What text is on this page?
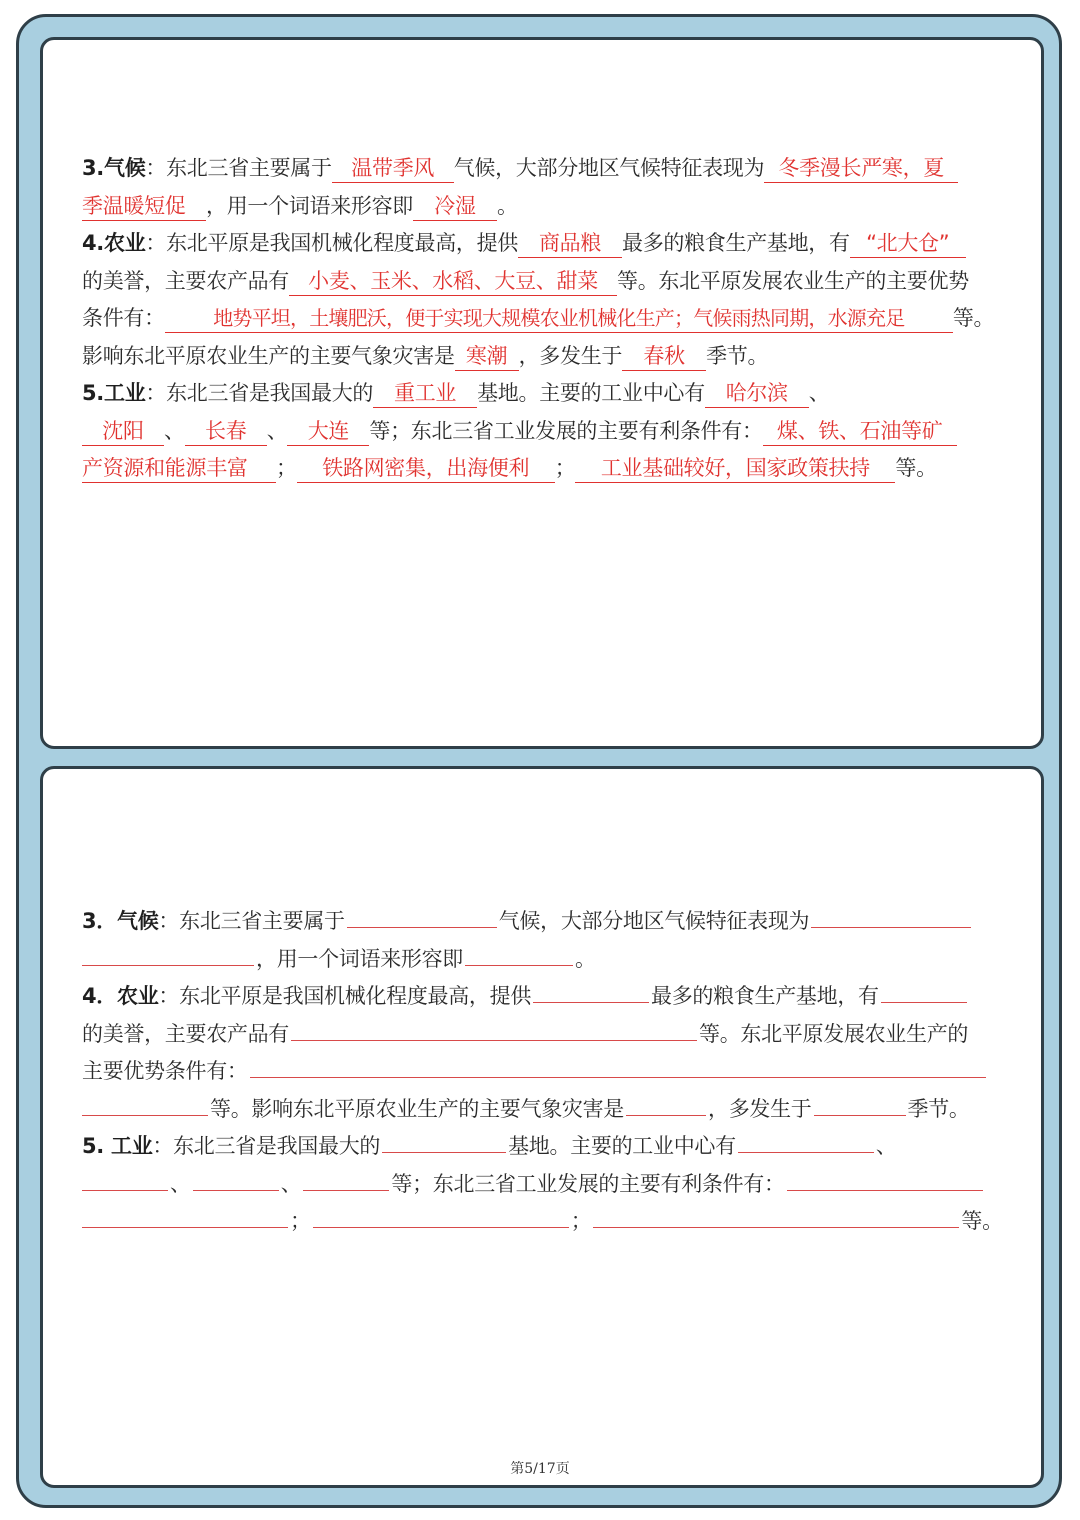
3.气候：东北三省主要属于 温带季风 气候，大部分地区气候特征表现为 冬季漫长严寒，夏

季温暖短促 ，用一个词语来形容即 冷湿 。

4.农业：东北平原是我国机械化程度最高，提供 商品粮 最多的粮食生产基地，有 “北大仓”

的美誉，主要农产品有 小麦、玉米、水稻、大豆、甜菜 等。东北平原发展农业生产的主要优势

条件有： 地势平坦，土壤肥沃，便于实现大规模农业机械化生产；气候雨热同期，水源充足 等。

影响东北平原农业生产的主要气象灾害是 寒潮 ，多发生于 春秋 季节。

5.工业：东北三省是我国最大的 重工业 基地。主要的工业中心有 哈尔滨 、

沈阳 、 长春 、 大连 等；东北三省工业发展的主要有利条件有： 煤、铁、石油等矿

产资源和能源丰富 ； 铁路网密集，出海便利 ； 工业基础较好，国家政策扶持 等。

3．气候：东北三省主要属于	气候，大部分地区气候特征表现为

，用一个词语来形容即	。

4．农业：东北平原是我国机械化程度最高，提供	最多的粮食生产基地，有

的美誉，主要农产品有	等。东北平原发展农业生产的

主要优势条件有：

等。影响东北平原农业生产的主要气象灾害是	，多发生于	季节。

5. 工业：东北三省是我国最大的	基地。主要的工业中心有	、

、	、	等；东北三省工业发展的主要有利条件有：

；	；	等。

第5/17页
